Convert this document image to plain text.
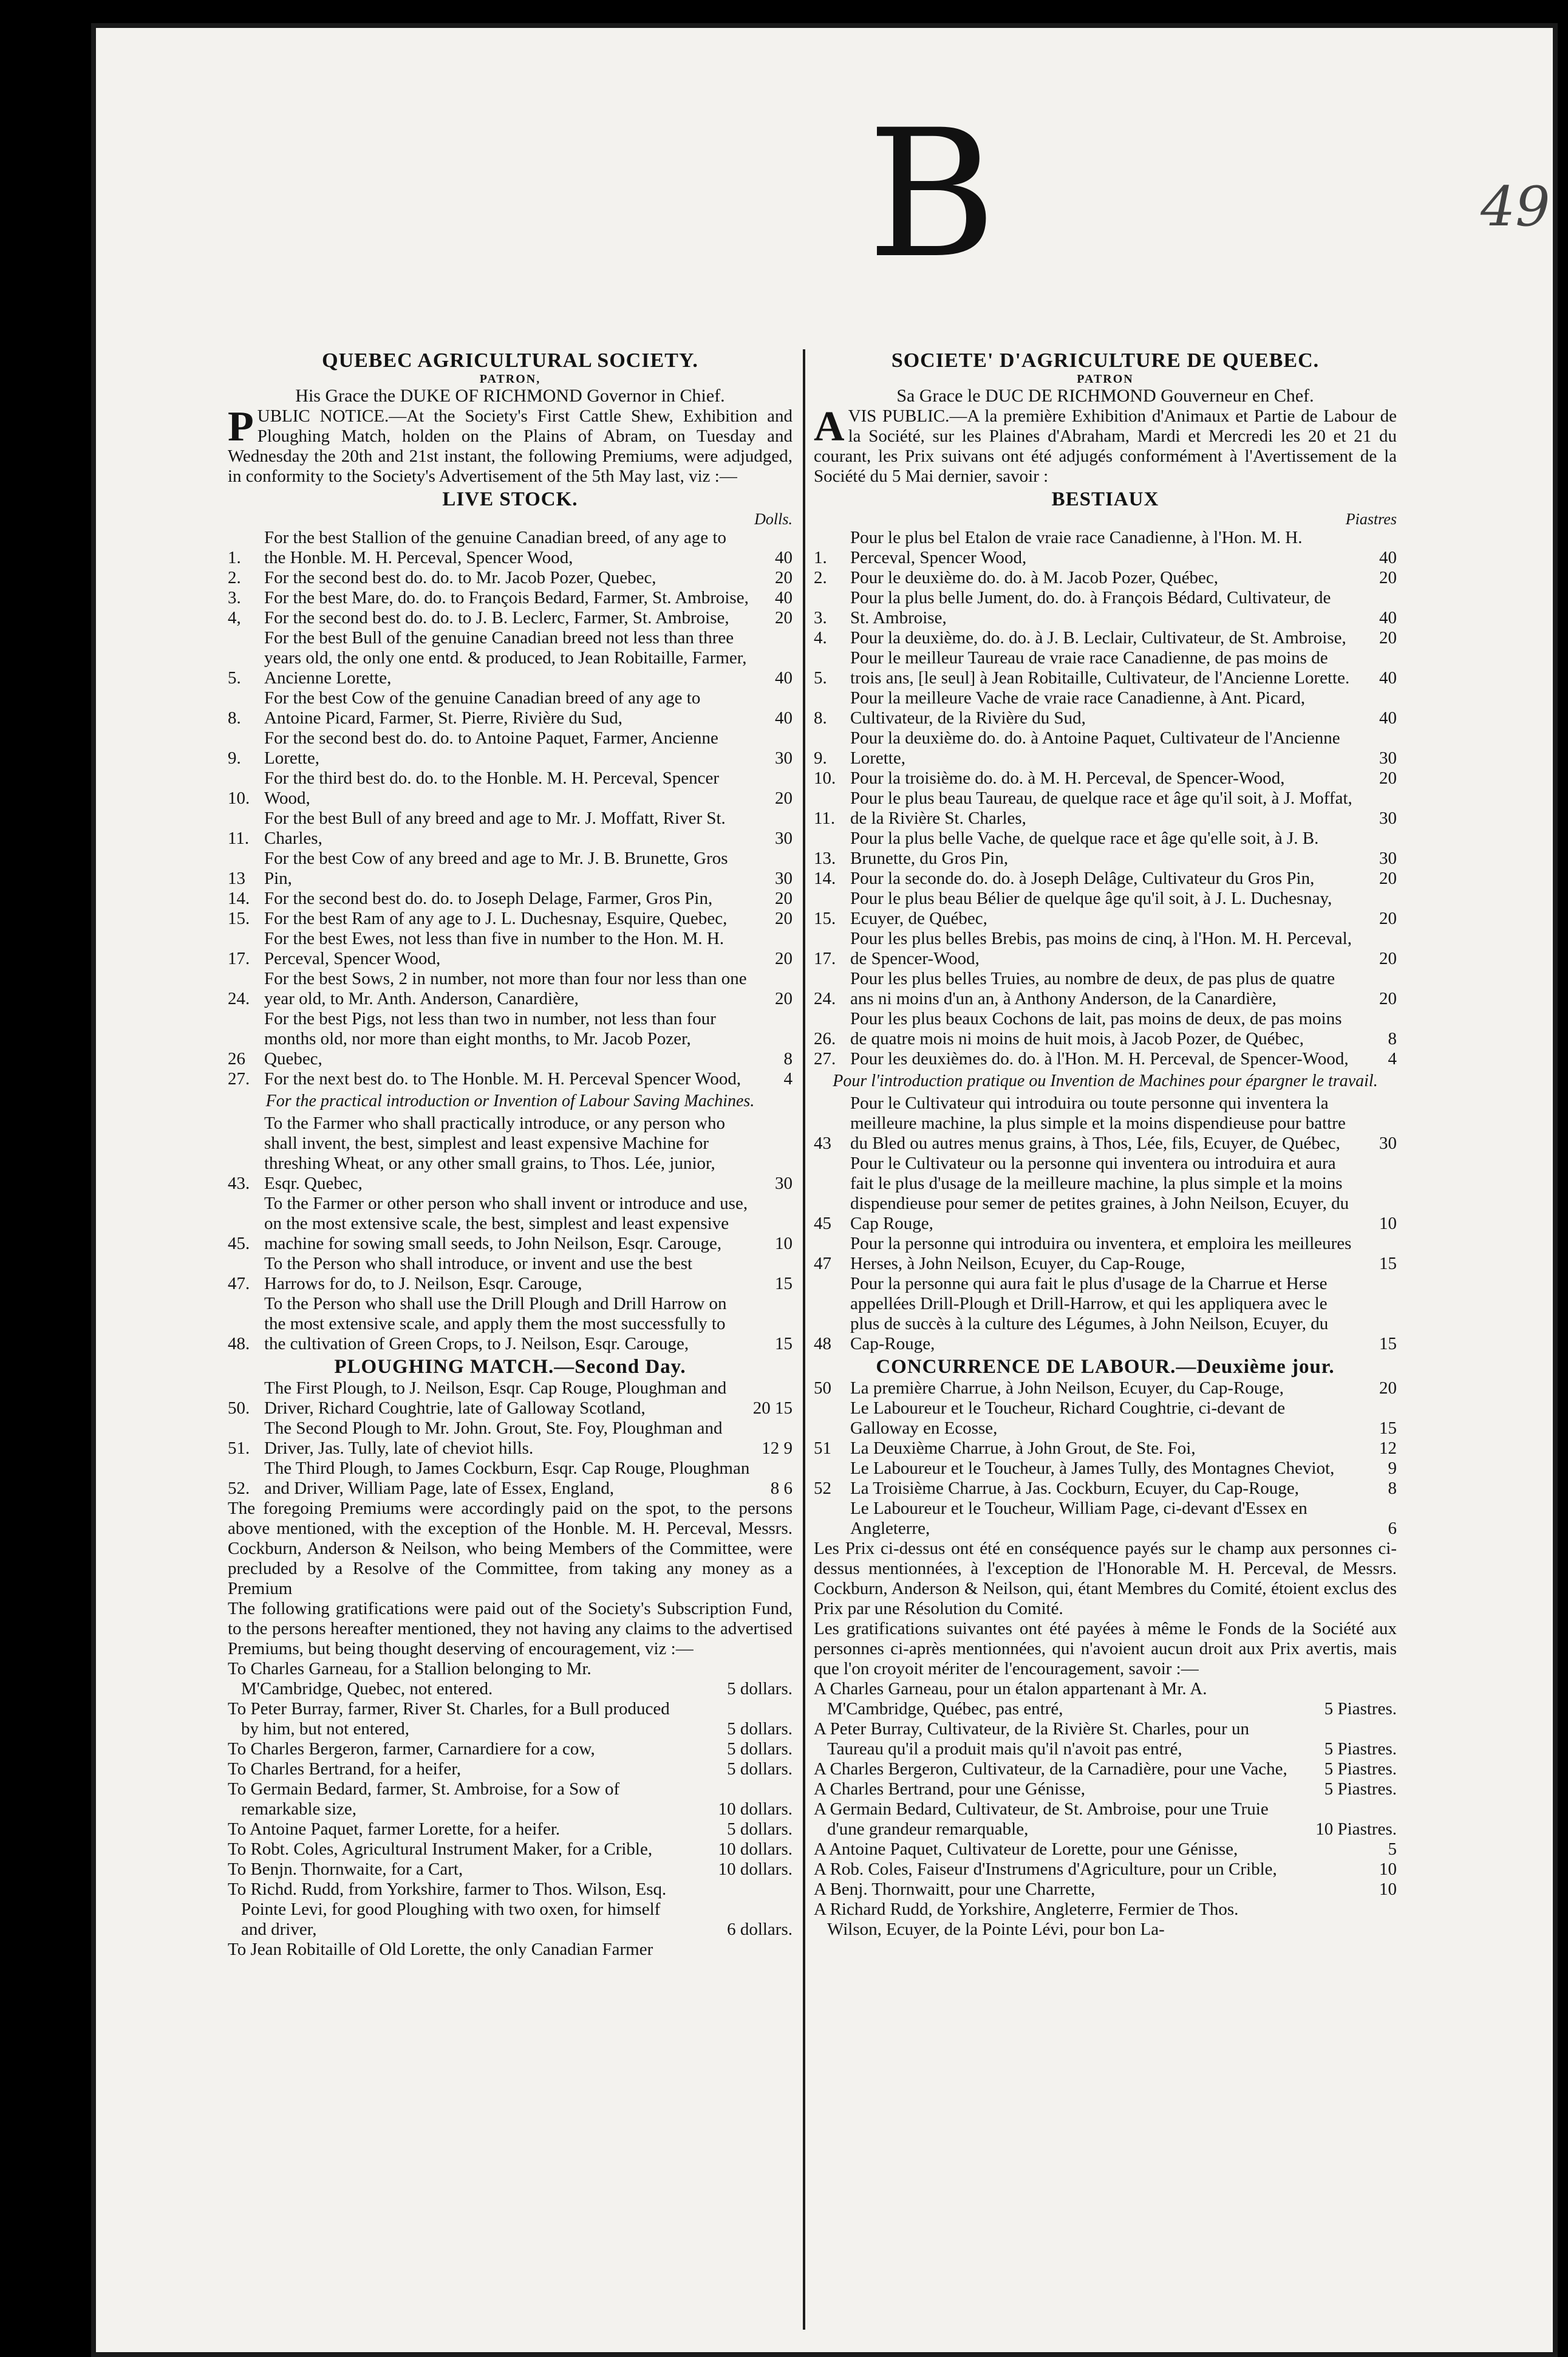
B	49
QUEBEC AGRICULTURAL SOCIETY.
PATRON,
His Grace the DUKE OF RICHMOND Governor in Chief.

PUBLIC NOTICE.—At the Society's First Cattle Shew, Exhibition and Ploughing Match, holden on the Plains of Abram, on Tuesday and Wednesday the 20th and 21st instant, the following Premiums, were adjudged, in conformity to the Society's Advertisement of the 5th May last, viz :—

LIVE STOCK.
Dolls.
1.
For the best Stallion of the genuine Canadian breed, of any age to the Honble. M. H. Perceval, Spencer Wood,	40
2.	For the second best do. do. to Mr. Jacob Pozer, Quebec,	20
3.	For the best Mare, do. do. to François Bedard, Farmer, St. Ambroise,	40
4,	For the second best do. do. to J. B. Leclerc, Farmer, St. Ambroise,	20
5.
For the best Bull of the genuine Canadian breed not less than three years old, the only one entd. & produced, to Jean Robitaille, Farmer, Ancienne Lorette,	40
8.
For the best Cow of the genuine Canadian breed of any age to Antoine Picard, Farmer, St. Pierre, Rivière du Sud,	40
9.
For the second best do. do. to Antoine Paquet, Farmer, Ancienne Lorette,	30
10.
For the third best do. do. to the Honble. M. H. Perceval, Spencer Wood,	20
11.
For the best Bull of any breed and age to Mr. J. Moffatt, River St. Charles,	30
13
For the best Cow of any breed and age to Mr. J. B. Brunette, Gros Pin,	30
14. For the second best do. do. to Joseph Delage, Farmer, Gros Pin,	20
15. For the best Ram of any age to J. L. Duchesnay, Esquire, Quebec,	20
17.
For the best Ewes, not less than five in number to the Hon. M. H. Perceval, Spencer Wood,	20
24.
For the best Sows, 2 in number, not more than four nor less than one year old, to Mr. Anth. Anderson, Canardière,	20
26
For the best Pigs, not less than two in number, not less than four months old, nor more than eight months, to Mr. Jacob Pozer, Quebec,	8
27. For the next best do. to The Honble. M. H. Perceval Spencer Wood,	4
For the practical introduction or Invention of Labour Saving Machines.
43.
To the Farmer who shall practically introduce, or any person who shall invent, the best, simplest and least expensive Machine for threshing Wheat, or any other small grains, to Thos. Lée, junior, Esqr. Quebec,	30
45.
To the Farmer or other person who shall invent or introduce and use, on the most extensive scale, the best, simplest and least expensive machine for sowing small seeds, to John Neilson, Esqr. Carouge,	10
47.
To the Person who shall introduce, or invent and use the best Harrows for do, to J. Neilson, Esqr. Carouge,	15
48.
To the Person who shall use the Drill Plough and Drill Harrow on the most extensive scale, and apply them the most successfully to the cultivation of Green Crops, to J. Neilson, Esqr. Carouge,	15
PLOUGHING MATCH.—Second Day.
50.
The First Plough, to J. Neilson, Esqr. Cap Rouge, Ploughman and Driver, Richard Coughtrie, late of Galloway Scotland,	20 15
51.
The Second Plough to Mr. John. Grout, Ste. Foy, Ploughman and Driver, Jas. Tully, late of cheviot hills.	12 9
52.
The Third Plough, to James Cockburn, Esqr. Cap Rouge, Ploughman and Driver, William Page, late of Essex, England,	8 6

The foregoing Premiums were accordingly paid on the spot, to the persons above mentioned, with the exception of the Honble. M. H. Perceval, Messrs. Cockburn, Anderson & Neilson, who being Members of the Committee, were precluded by a Resolve of the Committee, from taking any money as a Premium

The following gratifications were paid out of the Society's Subscription Fund, to the persons hereafter mentioned, they not having any claims to the advertised Premiums, but being thought deserving of encouragement, viz :—

To Charles Garneau, for a Stallion belonging to Mr. M'Cambridge, Quebec, not entered.	5 dollars.
To Peter Burray, farmer, River St. Charles, for a Bull produced by him, but not entered,	5 dollars.
To Charles Bergeron, farmer, Carnardiere for a cow,	5 dollars.
To Charles Bertrand, for a heifer,	5 dollars.
To Germain Bedard, farmer, St. Ambroise, for a Sow of remarkable size,	10 dollars.
To Antoine Paquet, farmer Lorette, for a heifer.	5 dollars.
To Robt. Coles, Agricultural Instrument Maker, for a Crible,	10 dollars.
To Benjn. Thornwaite, for a Cart,	10 dollars.
To Richd. Rudd, from Yorkshire, farmer to Thos. Wilson, Esq. Pointe Levi, for good Ploughing with two oxen, for himself and driver,	6 dollars.
To Jean Robitaille of Old Lorette, the only Canadian Farmer
SOCIETE' D'AGRICULTURE DE QUEBEC.
PATRON
Sa Grace le DUC DE RICHMOND Gouverneur en Chef.

AVIS PUBLIC.—A la première Exhibition d'Animaux et Partie de Labour de la Société, sur les Plaines d'Abraham, Mardi et Mercredi les 20 et 21 du courant, les Prix suivans ont été adjugés conformément à l'Avertissement de la Société du 5 Mai dernier, savoir :

BESTIAUX
Piastres
1.
Pour le plus bel Etalon de vraie race Canadienne, à l'Hon. M. H. Perceval, Spencer Wood,	40
2.	Pour le deuxième do. do. à M. Jacob Pozer, Québec,	20
3.
Pour la plus belle Jument, do. do. à François Bédard, Cultivateur, de St. Ambroise,	40
4.	Pour la deuxième, do. do. à J. B. Leclair, Cultivateur, de St. Ambroise,	20
5.
Pour le meilleur Taureau de vraie race Canadienne, de pas moins de trois ans, [le seul] à Jean Robitaille, Cultivateur, de l'Ancienne Lorette.	40
8.
Pour la meilleure Vache de vraie race Canadienne, à Ant. Picard, Cultivateur, de la Rivière du Sud,	40
9.
Pour la deuxième do. do. à Antoine Paquet, Cultivateur de l'Ancienne Lorette,	30
10. Pour la troisième do. do. à M. H. Perceval, de Spencer-Wood,	20
11.
Pour le plus beau Taureau, de quelque race et âge qu'il soit, à J. Moffat, de la Rivière St. Charles,	30
13.
Pour la plus belle Vache, de quelque race et âge qu'elle soit, à J. B. Brunette, du Gros Pin,	30
14. Pour la seconde do. do. à Joseph Delâge, Cultivateur du Gros Pin,	20
15.
Pour le plus beau Bélier de quelque âge qu'il soit, à J. L. Duchesnay, Ecuyer, de Québec,	20
17.
Pour les plus belles Brebis, pas moins de cinq, à l'Hon. M. H. Perceval, de Spencer-Wood,	20
24.
Pour les plus belles Truies, au nombre de deux, de pas plus de quatre ans ni moins d'un an, à Anthony Anderson, de la Canardière,	20
26.
Pour les plus beaux Cochons de lait, pas moins de deux, de pas moins de quatre mois ni moins de huit mois, à Jacob Pozer, de Québec,	8
27. Pour les deuxièmes do. do. à l'Hon. M. H. Perceval, de Spencer-Wood,	4
Pour l'introduction pratique ou Invention de Machines pour épargner le travail.
43
Pour le Cultivateur qui introduira ou toute personne qui inventera la meilleure machine, la plus simple et la moins dispendieuse pour battre du Bled ou autres menus grains, à Thos, Lée, fils, Ecuyer, de Québec,	30
45
Pour le Cultivateur ou la personne qui inventera ou introduira et aura fait le plus d'usage de la meilleure machine, la plus simple et la moins dispendieuse pour semer de petites graines, à John Neilson, Ecuyer, du Cap Rouge,	10
47
Pour la personne qui introduira ou inventera, et emploira les meilleures Herses, à John Neilson, Ecuyer, du Cap-Rouge,	15
48
Pour la personne qui aura fait le plus d'usage de la Charrue et Herse appellées Drill-Plough et Drill-Harrow, et qui les appliquera avec le plus de succès à la culture des Légumes, à John Neilson, Ecuyer, du Cap-Rouge,	15
CONCURRENCE DE LABOUR.—Deuxième jour.
50	La première Charrue, à John Neilson, Ecuyer, du Cap-Rouge,	20
Le Laboureur et le Toucheur, Richard Coughtrie, ci-devant de Galloway en Ecosse,	15
51	La Deuxième Charrue, à John Grout, de Ste. Foi,	12
Le Laboureur et le Toucheur, à James Tully, des Montagnes Cheviot,	9
52	La Troisième Charrue, à Jas. Cockburn, Ecuyer, du Cap-Rouge,	8
Le Laboureur et le Toucheur, William Page, ci-devant d'Essex en Angleterre,	6

Les Prix ci-dessus ont été en conséquence payés sur le champ aux personnes ci-dessus mentionnées, à l'exception de l'Honorable M. H. Perceval, de Messrs. Cockburn, Anderson & Neilson, qui, étant Membres du Comité, étoient exclus des Prix par une Résolution du Comité.

Les gratifications suivantes ont été payées à même le Fonds de la Société aux personnes ci-après mentionnées, qui n'avoient aucun droit aux Prix avertis, mais que l'on croyoit mériter de l'encouragement, savoir :—

A Charles Garneau, pour un étalon appartenant à Mr. A. M'Cambridge, Québec, pas entré,	5 Piastres.
A Peter Burray, Cultivateur, de la Rivière St. Charles, pour un Taureau qu'il a produit mais qu'il n'avoit pas entré,	5 Piastres.
A Charles Bergeron, Cultivateur, de la Carnadière, pour une Vache,	5 Piastres.
A Charles Bertrand, pour une Génisse,	5 Piastres.
A Germain Bedard, Cultivateur, de St. Ambroise, pour une Truie d'une grandeur remarquable,	10 Piastres.
A Antoine Paquet, Cultivateur de Lorette, pour une Génisse,	5
A Rob. Coles, Faiseur d'Instrumens d'Agriculture, pour un Crible,	10
A Benj. Thornwaitt, pour une Charrette,	10
A Richard Rudd, de Yorkshire, Angleterre, Fermier de Thos. Wilson, Ecuyer, de la Pointe Lévi, pour bon La-
